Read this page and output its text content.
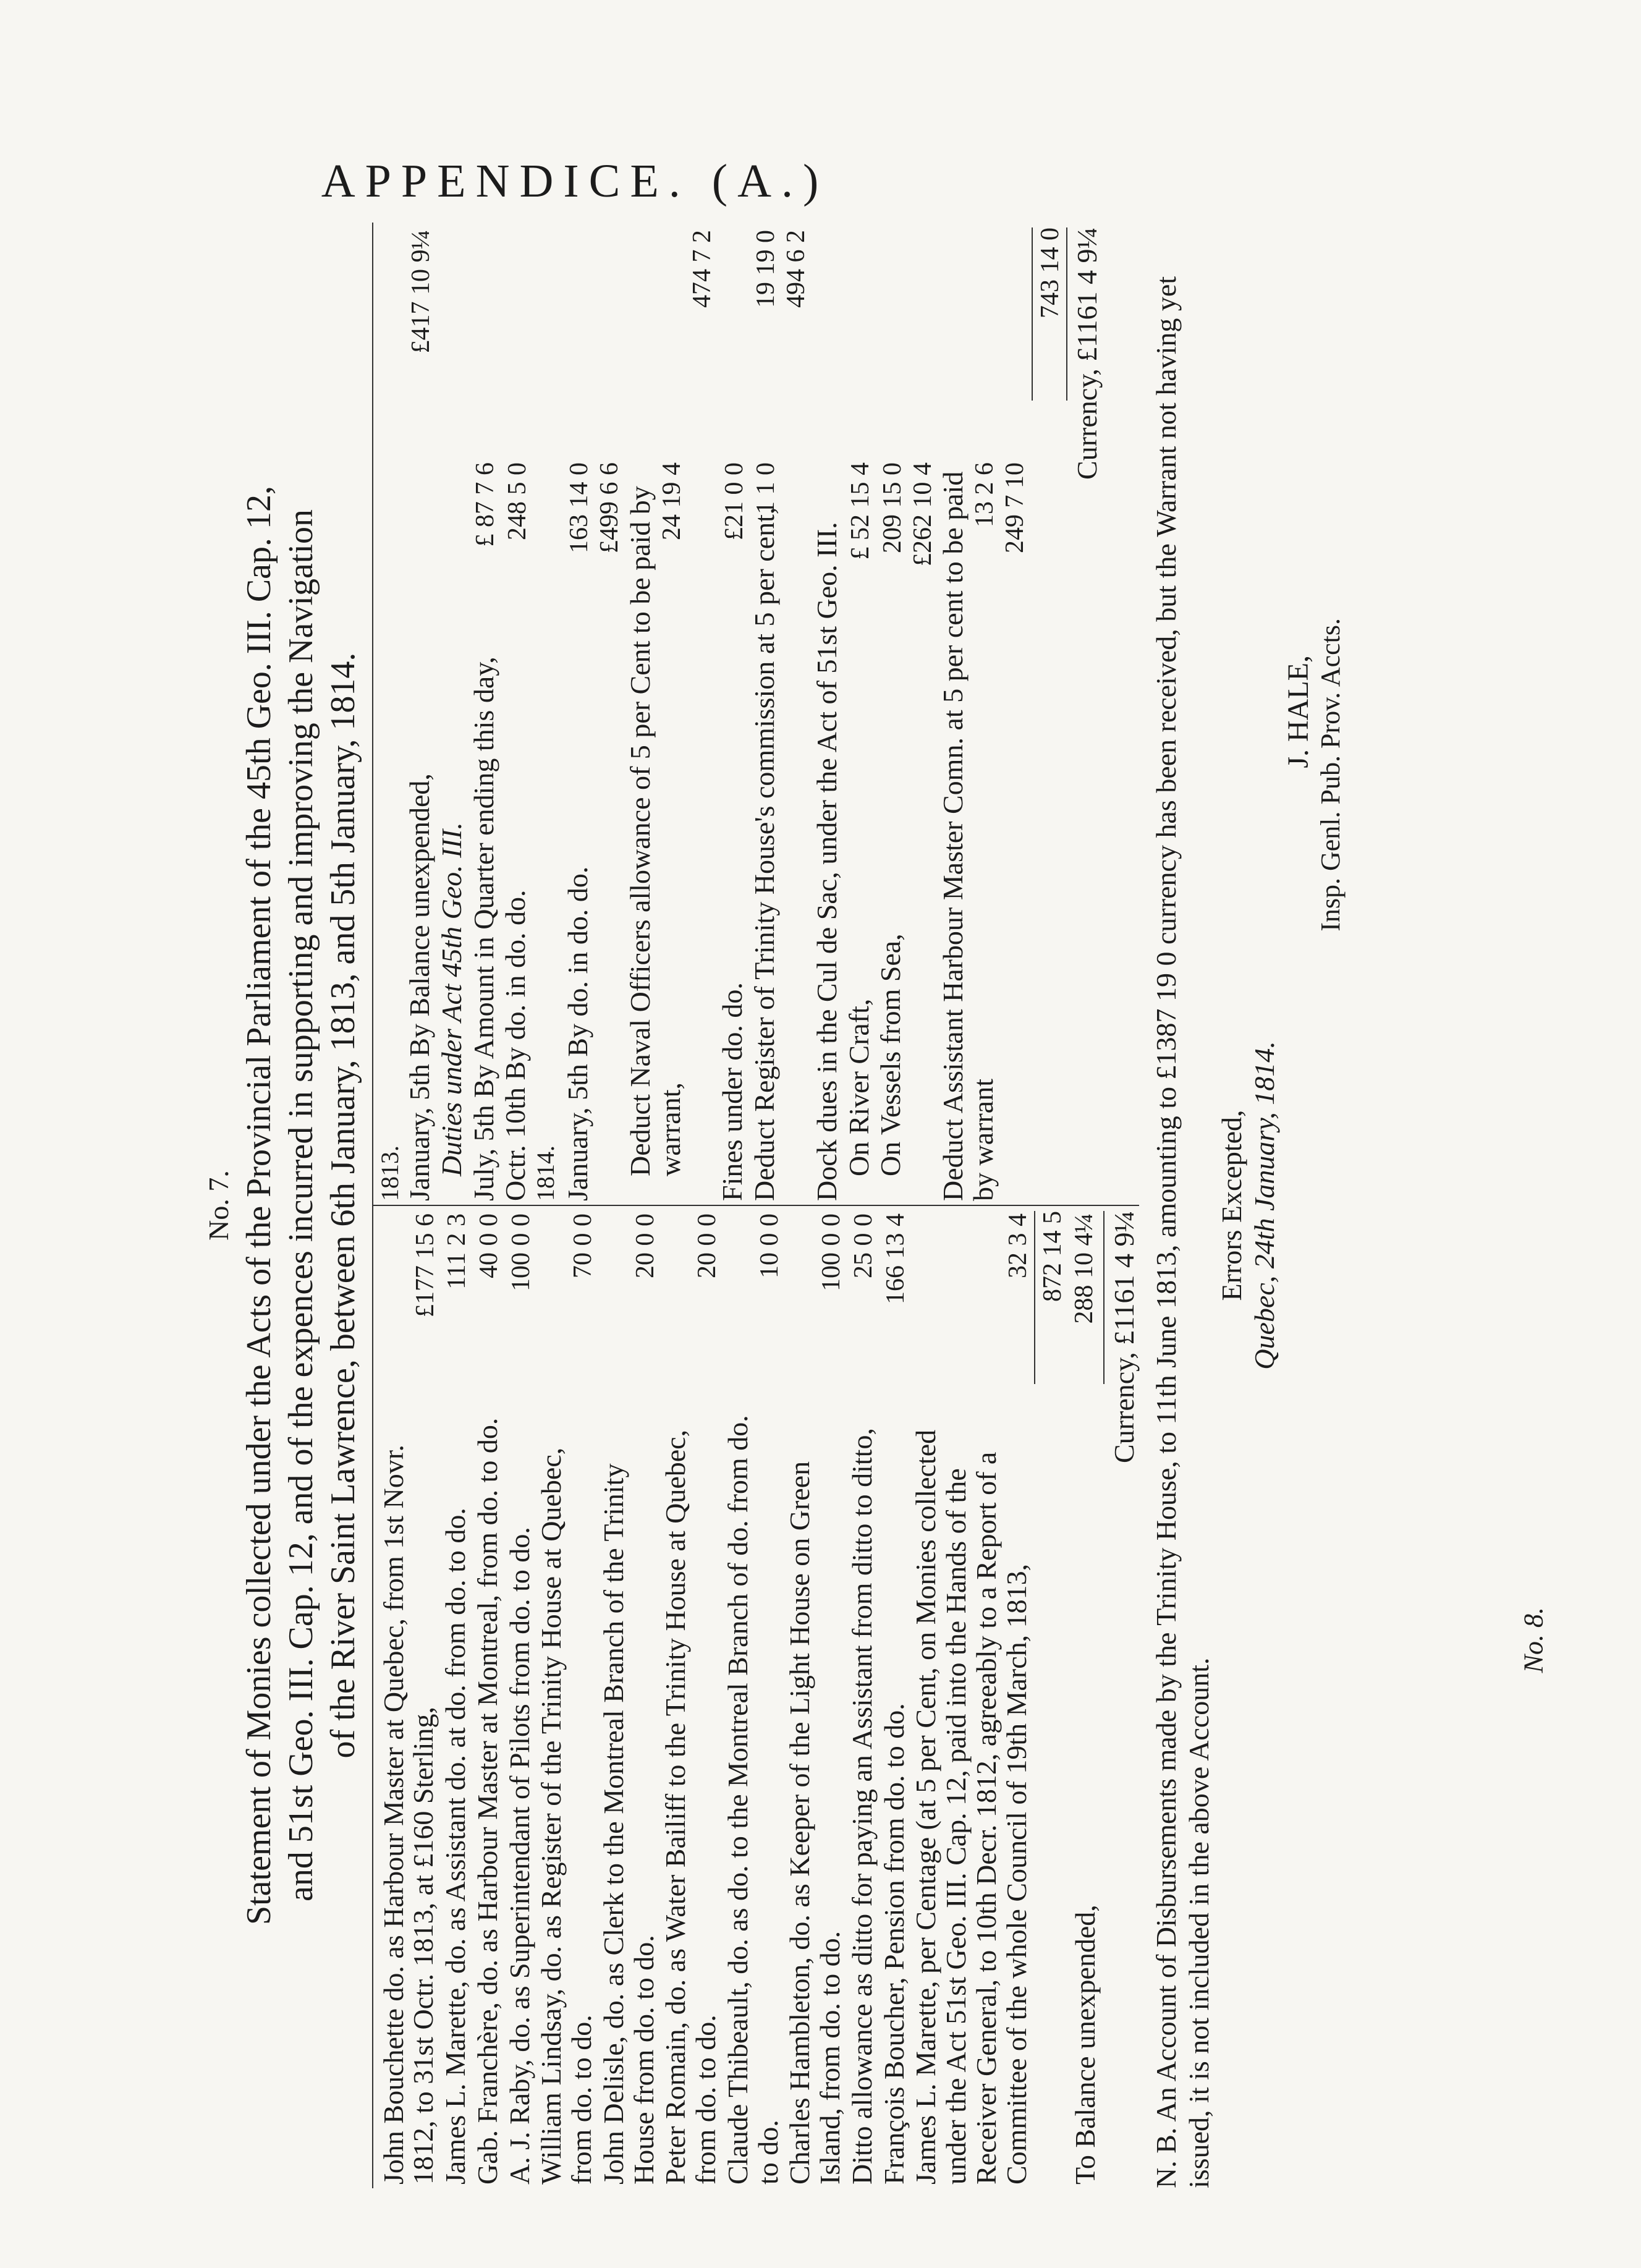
APPENDICE. (A.)
No. 8.
No. 7. Statement of Monies collected under the Acts of the Provincial Parliament of the 45th Geo. III. Cap. 12, and 51st Geo. III. Cap. 12, and of the expences incurred in supporting and improving the Navigation of the River Saint Lawrence, between 6th January, 1813, and 5th January, 1814.

John Bouchette do. as Harbour Master at Quebec, from 1st Novr. 1812, to 31st Octr. 1813, at £160 Sterling,
£177 15 6
James L. Marette, do. as Assistant do. at do. from do. to do.
111 2 3
Gab. Franchère, do. as Harbour Master at Montreal, from do. to do.
40 0 0
A. J. Raby, do. as Superintendant of Pilots from do. to do.
100 0 0
William Lindsay, do. as Register of the Trinity House at Quebec, from do. to do.
70 0 0
John Delisle, do. as Clerk to the Montreal Branch of the Trinity House from do. to do.
20 0 0
Peter Romain, do. as Water Bailiff to the Trinity House at Quebec, from do. to do.
20 0 0
Claude Thibeault, do. as do. to the Montreal Branch of do. from do. to do.
10 0 0
Charles Hambleton, do. as Keeper of the Light House on Green Island, from do. to do.
100 0 0
Ditto allowance as ditto for paying an Assistant from ditto to ditto,
25 0 0
François Boucher, Pension from do. to do.
166 13 4
James L. Marette, per Centage (at 5 per Cent, on Monies collected under the Act 51st Geo. III. Cap. 12, paid into the Hands of the Receiver General, to 10th Decr. 1812, agreeably to a Report of a Committee of the whole Council of 19th March, 1813,
32 3 4 872 14 5
To Balance unexpended,
288 10 4¼
Currency, £1161 4 9¼
1813. January, 5th By Balance unexpended,
£417 10 9¼
Duties under Act 45th Geo. III. July, 5th By Amount in Quarter ending this day,
£ 87 7 6
Octr. 10th By do. in do. do.
248 5 0
1814. January, 5th By do. in do. do.
163 14 0 £499 6 6 Deduct Naval Officers allowance of 5 per Cent to be paid by warrant,
24 19 4
474 7 2
Fines under do. do.
£21 0 0
Deduct Register of Trinity House's commission at 5 per cent,
1 1 0
19 19 0 494 6 2
Dock dues in the Cul de Sac, under the Act of 51st Geo. III. On River Craft,
£ 52 15 4
On Vessels from Sea,
209 15 0 £262 10 4 Deduct Assistant Harbour Master Comn. at 5 per cent to be paid by warrant
13 2 6 249 7 10
743 14 0
Currency, £1161 4 9¼ N. B. An Account of Disbursements made by the Trinity House, to 11th June 1813, amounting to £1387 19 0 currency has been received, but the Warrant not having yet issued, it is not included in the above Account.

Errors Excepted, Quebec, 24th January, 1814.

J. HALE, Insp. Genl. Pub. Prov. Accts.
